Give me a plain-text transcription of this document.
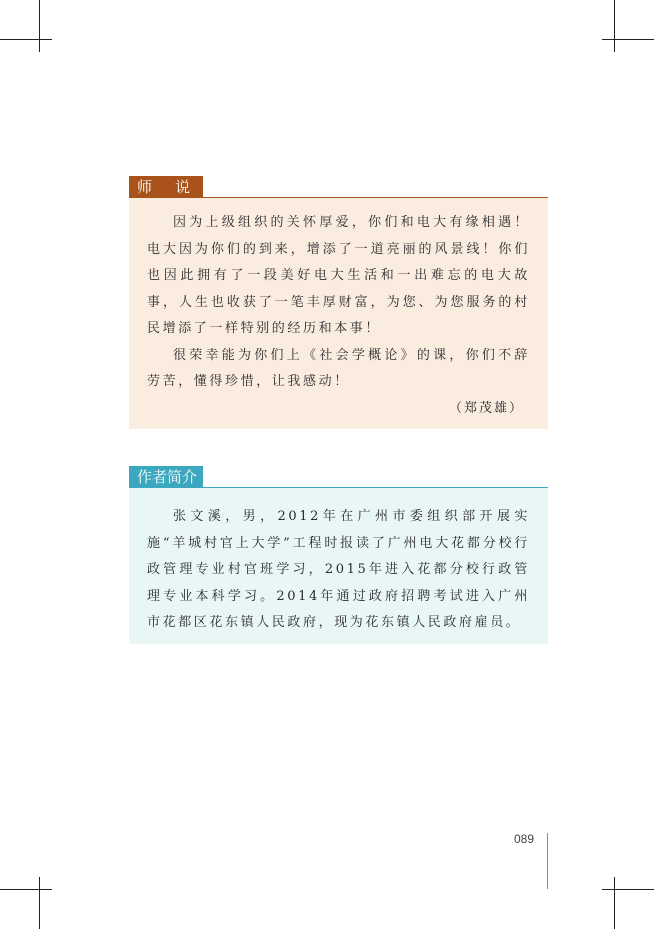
师　说

因为上级组织的关怀厚爱，你们和电大有缘相遇！电大因为你们的到来，增添了一道亮丽的风景线！你们也因此拥有了一段美好电大生活和一出难忘的电大故事，人生也收获了一笔丰厚财富，为您、为您服务的村民增添了一样特别的经历和本事！

很荣幸能为你们上《社会学概论》的课，你们不辞劳苦，懂得珍惜，让我感动！

（郑茂雄）

作者简介

张文溪，男，2012年在广州市委组织部开展实施“羊城村官上大学”工程时报读了广州电大花都分校行政管理专业村官班学习，2015年进入花都分校行政管理专业本科学习。2014年通过政府招聘考试进入广州市花都区花东镇人民政府，现为花东镇人民政府雇员。

089
